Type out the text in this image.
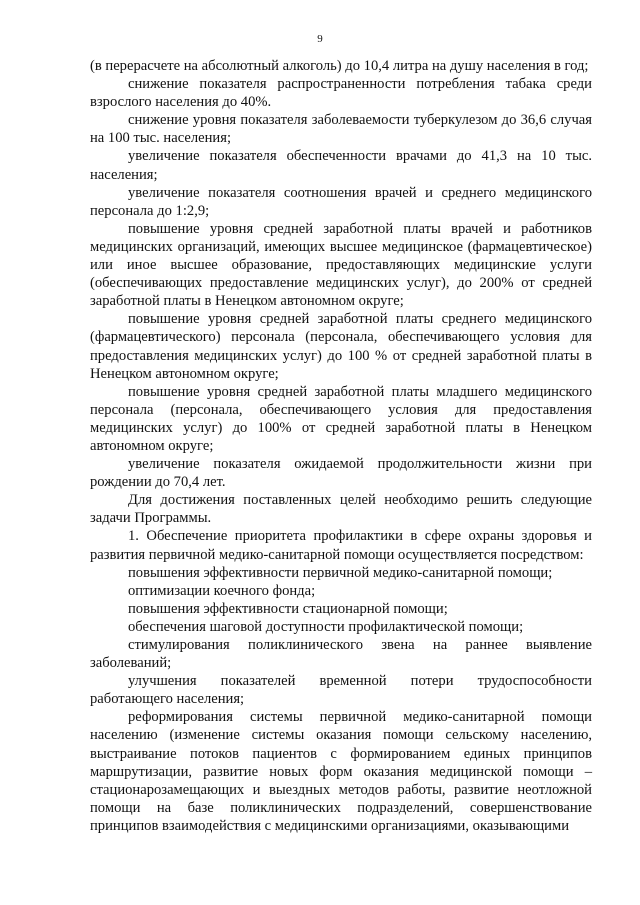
9

(в перерасчете на абсолютный алкоголь) до 10,4 литра на душу населения в год;

снижение показателя распространенности потребления табака среди взрослого населения до 40%.

снижение уровня показателя заболеваемости туберкулезом до 36,6 случая на 100 тыс. населения;

увеличение показателя обеспеченности врачами до 41,3 на 10 тыс. населения;

увеличение показателя соотношения врачей и среднего медицинского персонала до 1:2,9;

повышение уровня средней заработной платы врачей и работников медицинских организаций, имеющих высшее медицинское (фармацевтическое) или иное высшее образование, предоставляющих медицинские услуги (обеспечивающих предоставление медицинских услуг), до 200% от средней заработной платы в Ненецком автономном округе;

повышение уровня средней заработной платы среднего медицинского (фармацевтического) персонала (персонала, обеспечивающего условия для предоставления медицинских услуг) до 100 % от средней заработной платы в Ненецком автономном округе;

повышение уровня средней заработной платы младшего медицинского персонала (персонала, обеспечивающего условия для предоставления медицинских услуг) до 100% от средней заработной платы в Ненецком автономном округе;

увеличение показателя ожидаемой продолжительности жизни при рождении до 70,4 лет.

Для достижения поставленных целей необходимо решить следующие задачи Программы.

1. Обеспечение приоритета профилактики в сфере охраны здоровья и развития первичной медико-санитарной помощи осуществляется посредством:

повышения эффективности первичной медико-санитарной помощи;

оптимизации коечного фонда;

повышения эффективности стационарной помощи;

обеспечения шаговой доступности профилактической помощи;

стимулирования поликлинического звена на раннее выявление заболеваний;

улучшения показателей временной потери трудоспособности работающего населения;

реформирования системы первичной медико-санитарной помощи населению (изменение системы оказания помощи сельскому населению, выстраивание потоков пациентов с формированием единых принципов маршрутизации, развитие новых форм оказания медицинской помощи – стационарозамещающих и выездных методов работы, развитие неотложной помощи на базе поликлинических подразделений, совершенствование принципов взаимодействия с медицинскими организациями, оказывающими
